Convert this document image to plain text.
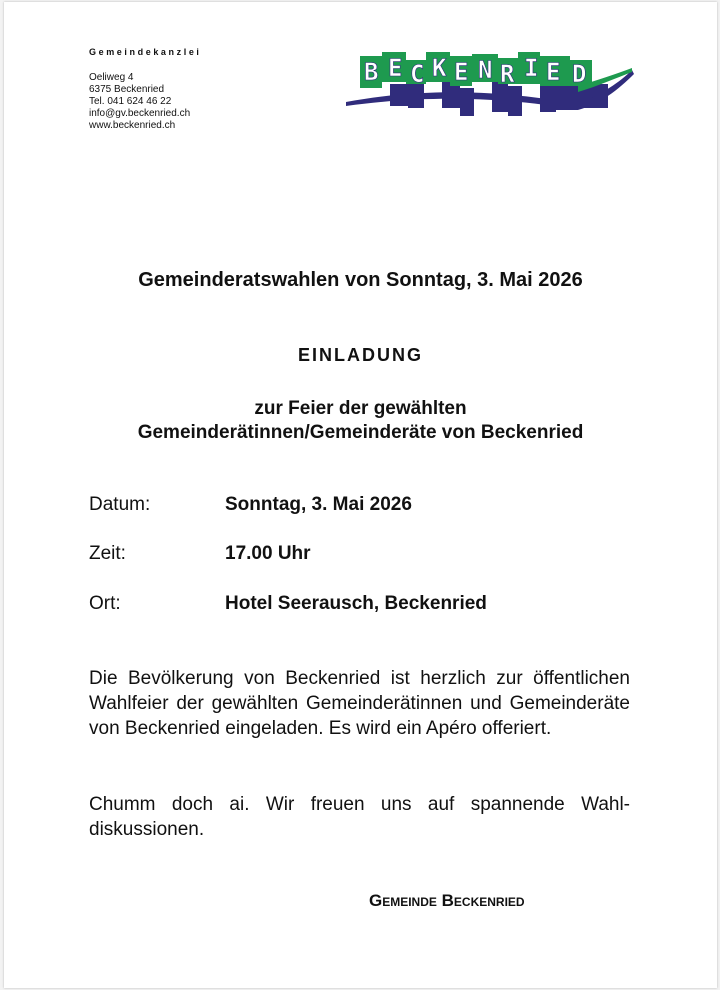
Gemeindekanzlei
Oeliweg 4
6375 Beckenried
Tel. 041 624 46 22
info@gv.beckenried.ch
www.beckenried.ch
B E C K E N R I E D
Gemeinderatswahlen von Sonntag, 3. Mai 2026
EINLADUNG
zur Feier der gewählten
Gemeinderätinnen/Gemeinderäte von Beckenried
Datum:	Sonntag, 3. Mai 2026
Zeit:	17.00 Uhr
Ort:	Hotel Seerausch, Beckenried
Die Bevölkerung von Beckenried ist herzlich zur öffentlichen Wahlfeier der gewählten Gemeinderätinnen und Gemeinderäte von Beckenried eingeladen. Es wird ein Apéro offeriert.
Chumm doch ai. Wir freuen uns auf spannende Wahldiskussionen.
Gemeinde Beckenried
